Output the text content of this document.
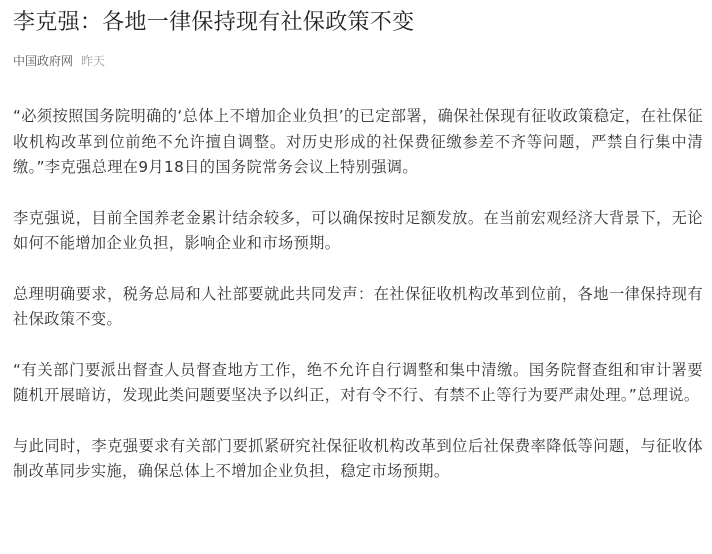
李克强：各地一律保持现有社保政策不变
中国政府网 昨天

“必须按照国务院明确的‘总体上不增加企业负担’的已定部署，确保社保现有征收政策稳定，在社保征收机构改革到位前绝不允许擅自调整。对历史形成的社保费征缴参差不齐等问题，严禁自行集中清缴。”李克强总理在9月18日的国务院常务会议上特别强调。

李克强说，目前全国养老金累计结余较多，可以确保按时足额发放。在当前宏观经济大背景下，无论如何不能增加企业负担，影响企业和市场预期。

总理明确要求，税务总局和人社部要就此共同发声：在社保征收机构改革到位前，各地一律保持现有社保政策不变。

“有关部门要派出督查人员督查地方工作，绝不允许自行调整和集中清缴。国务院督查组和审计署要随机开展暗访，发现此类问题要坚决予以纠正，对有令不行、有禁不止等行为要严肃处理。”总理说。

与此同时，李克强要求有关部门要抓紧研究社保征收机构改革到位后社保费率降低等问题，与征收体制改革同步实施，确保总体上不增加企业负担，稳定市场预期。
